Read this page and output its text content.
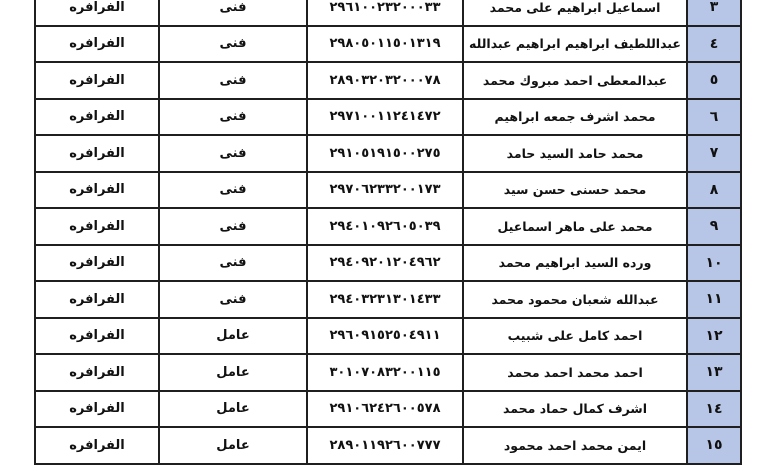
الفرافره	فنى	٢٩٦١٠٠٢٣٢٠٠٠٣٣	اسماعيل ابراهيم على محمد	٣
الفرافره	فنى	٢٩٨٠٥٠١١٥٠١٣١٩	عبداللطيف ابراهيم ابراهيم عبدالله	٤
الفرافره	فنى	٢٨٩٠٣٢٠٣٢٠٠٠٧٨	عبدالمعطى احمد مبروك محمد	٥
الفرافره	فنى	٢٩٧١٠٠١١٢٤١٤٧٢	محمد اشرف جمعه ابراهيم	٦
الفرافره	فنى	٢٩١٠٥١٩١٥٠٠٢٧٥	محمد حامد السيد حامد	٧
الفرافره	فنى	٢٩٧٠٦٢٣٣٢٠٠١٧٣	محمد حسنى حسن سيد	٨
الفرافره	فنى	٢٩٤٠١٠٩٢٦٠٥٠٣٩	محمد على ماهر اسماعيل	٩
الفرافره	فنى	٢٩٤٠٩٢٠١٢٠٤٩٦٢	ورده السيد ابراهيم محمد	١٠
الفرافره	فنى	٢٩٤٠٣٢٣١٣٠١٤٣٣	عبدالله شعبان محمود محمد	١١
الفرافره	عامل	٢٩٦٠٩١٥٢٥٠٤٩١١	احمد كامل على شبيب	١٢
الفرافره	عامل	٣٠١٠٧٠٨٣٢٠٠١١٥	احمد محمد احمد محمد	١٣
الفرافره	عامل	٢٩١٠٦٢٤٢٦٠٠٥٧٨	اشرف كمال حماد محمد	١٤
الفرافره	عامل	٢٨٩٠١١٩٢٦٠٠٧٧٧	ايمن محمد احمد محمود	١٥
